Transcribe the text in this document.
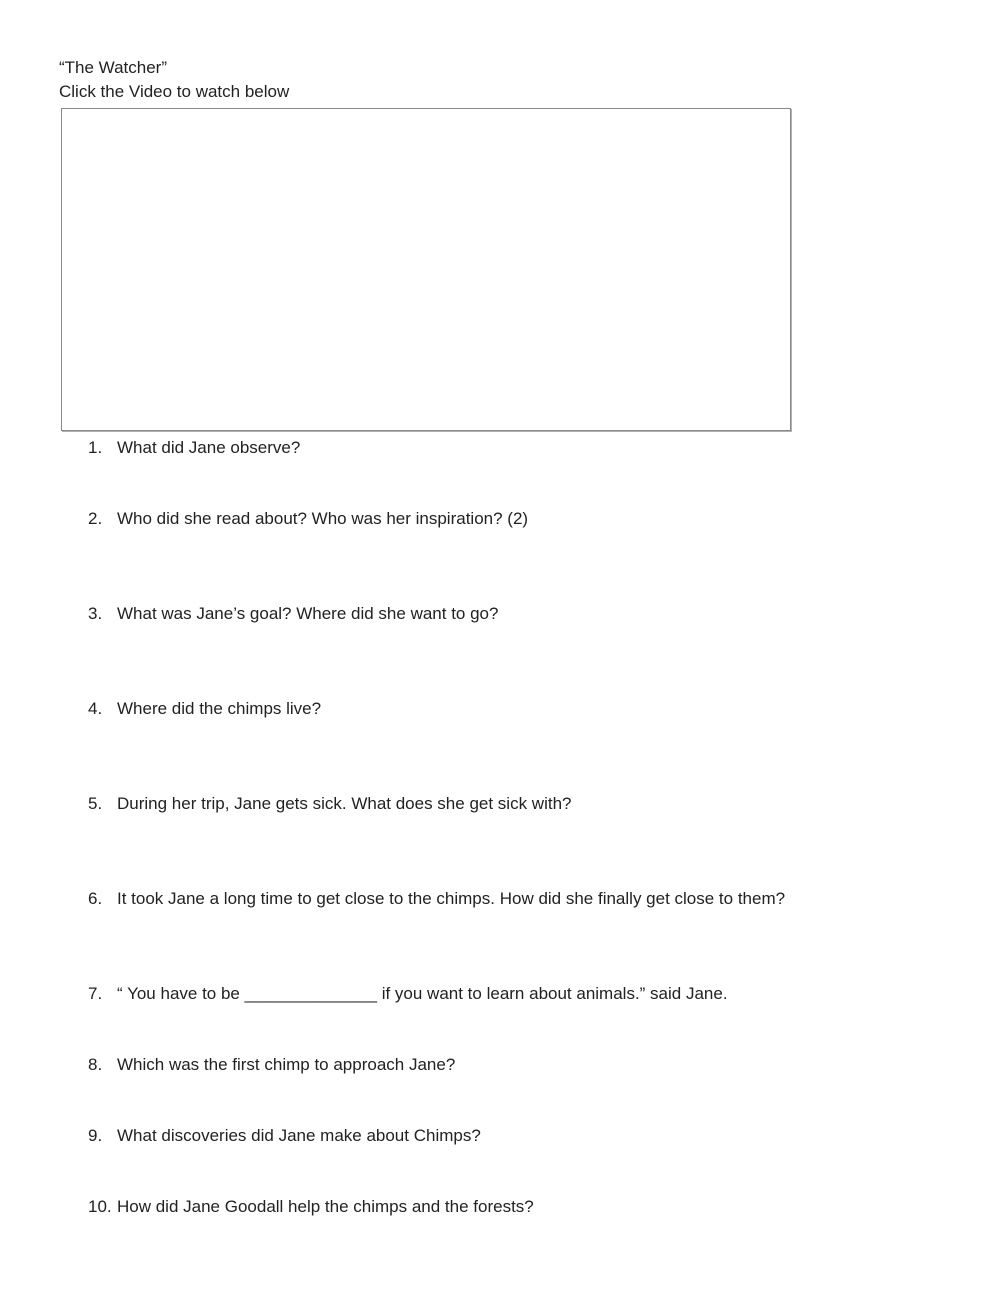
“The Watcher”
Click the Video to watch below
1. What did Jane observe?
2. Who did she read about? Who was her inspiration? (2)
3. What was Jane’s goal? Where did she want to go?
4. Where did the chimps live?
5. During her trip, Jane gets sick. What does she get sick with?
6. It took Jane a long time to get close to the chimps. How did she finally get close to them?
7. “ You have to be ______________ if you want to learn about animals.” said Jane.
8. Which was the first chimp to approach Jane?
9. What discoveries did Jane make about Chimps?
10. How did Jane Goodall help the chimps and the forests?
